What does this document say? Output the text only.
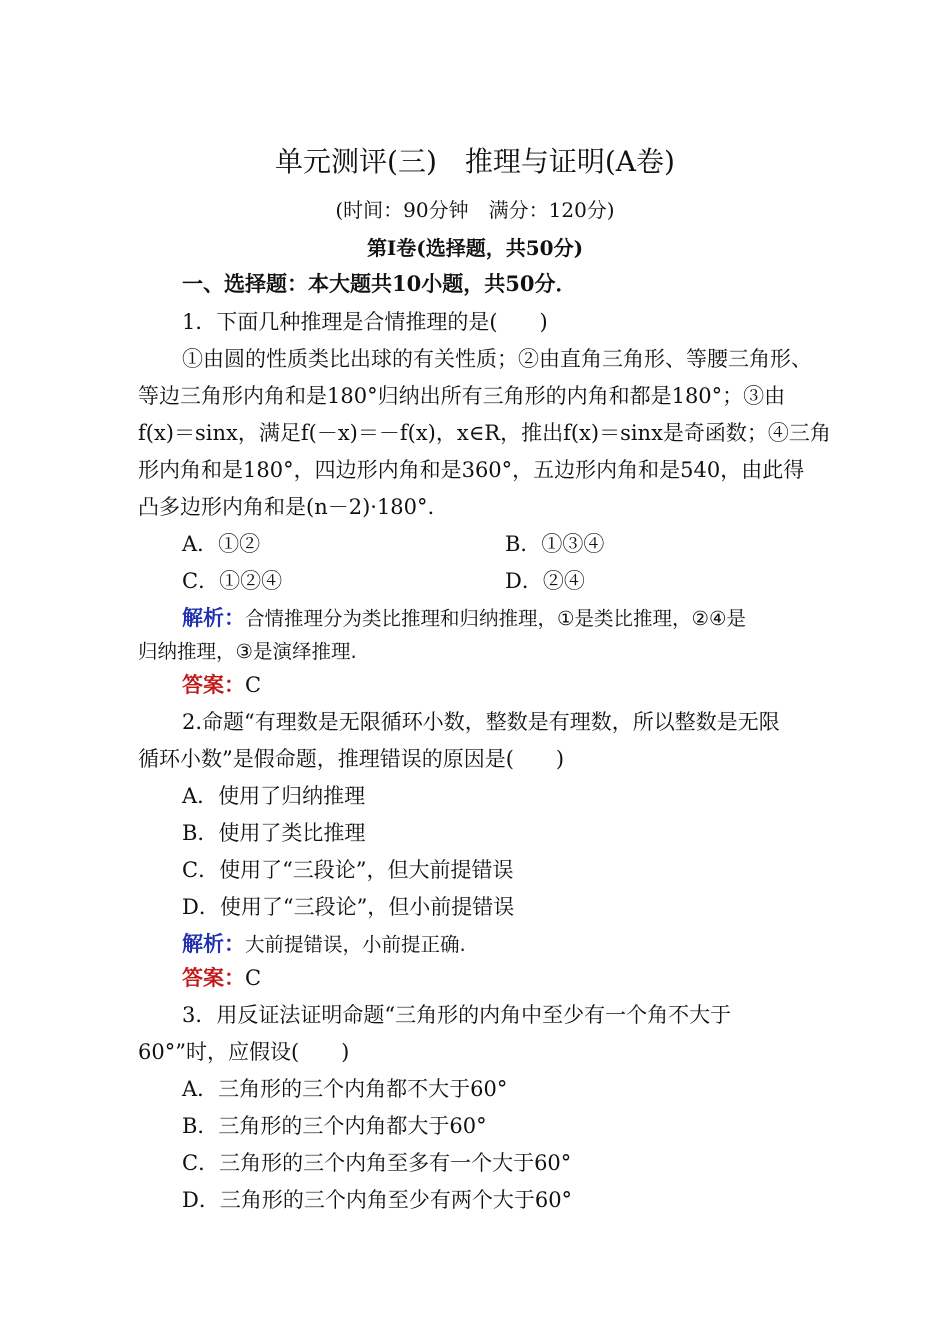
单元测评(三)　推理与证明(A卷)
(时间：90分钟　满分：120分)
第Ⅰ卷(选择题，共50分)
一、选择题：本大题共10小题，共50分．
1．下面几种推理是合情推理的是(　　)
①由圆的性质类比出球的有关性质；②由直角三角形、等腰三角形、
等边三角形内角和是180°归纳出所有三角形的内角和都是180°；③由
f(x)＝sinx，满足f(－x)＝－f(x)，x∈R，推出f(x)＝sinx是奇函数；④三角
形内角和是180°，四边形内角和是360°，五边形内角和是540，由此得
凸多边形内角和是(n－2)·180°.
A．①②	B．①③④
C．①②④	D．②④
解析：合情推理分为类比推理和归纳推理，①是类比推理，②④是
归纳推理，③是演绎推理.
答案：C
2.命题“有理数是无限循环小数，整数是有理数，所以整数是无限
循环小数”是假命题，推理错误的原因是(　　)
A．使用了归纳推理
B．使用了类比推理
C．使用了“三段论”，但大前提错误
D．使用了“三段论”，但小前提错误
解析：大前提错误，小前提正确.
答案：C
3．用反证法证明命题“三角形的内角中至少有一个角不大于
60°”时，应假设(　　)
A．三角形的三个内角都不大于60°
B．三角形的三个内角都大于60°
C．三角形的三个内角至多有一个大于60°
D．三角形的三个内角至少有两个大于60°
